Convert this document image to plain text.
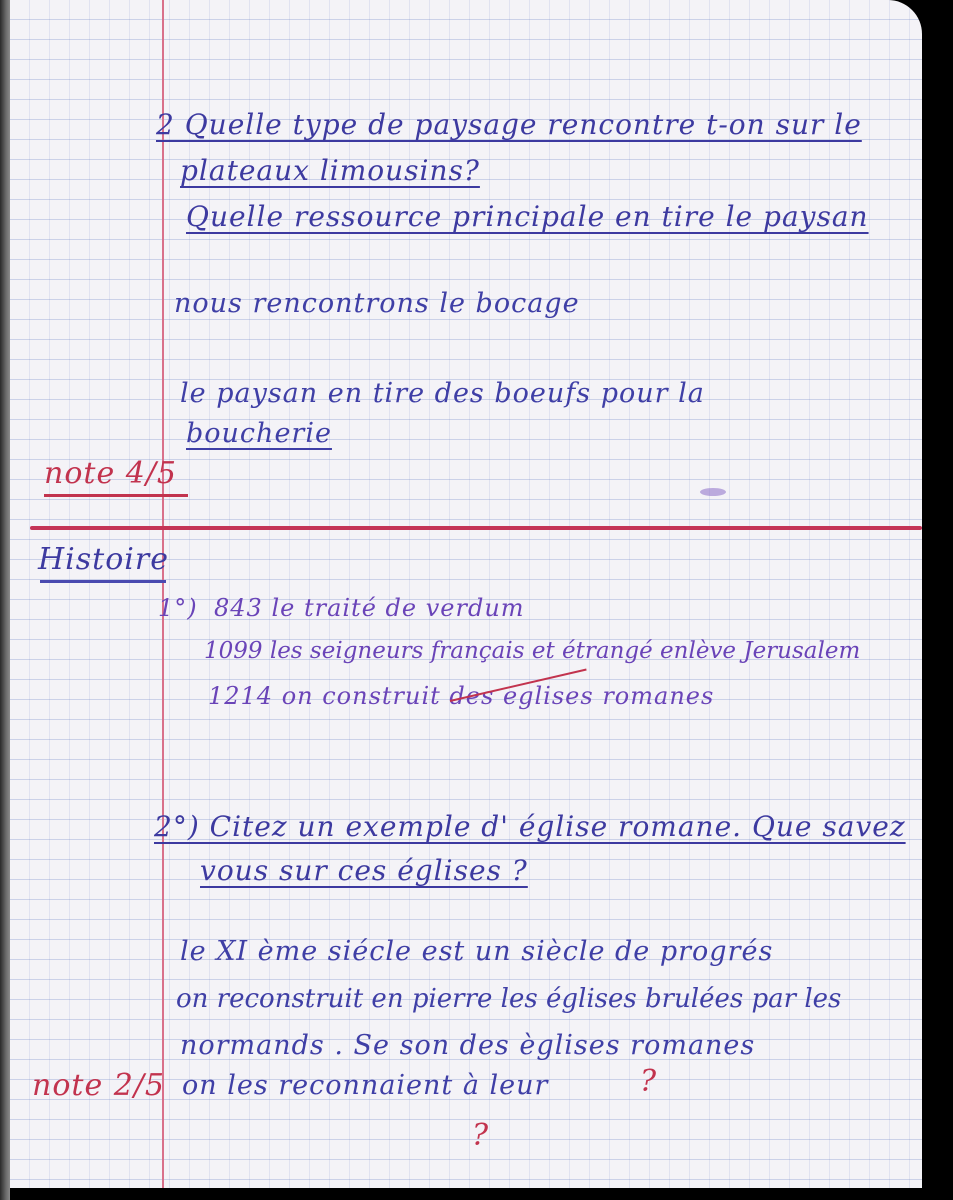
2 Quelle type de paysage rencontre t-on sur le

plateaux limousins?

Quelle ressource principale en tire le paysan

nous rencontrons le bocage

le paysan en tire des boeufs pour la

boucherie

note 4/5

Histoire

1°) 843 le traité de verdum

1099 les seigneurs français et étrangé enlève Jerusalem

1214 on construit des eglises romanes

2°) Citez un exemple d' église romane. Que savez

vous sur ces églises ?

le XI ème siécle est un siècle de progrés

on reconstruit en pierre les églises brulées par les

normands . Se son des èglises romanes

on les reconnaient à leur	?

?

note 2/5
